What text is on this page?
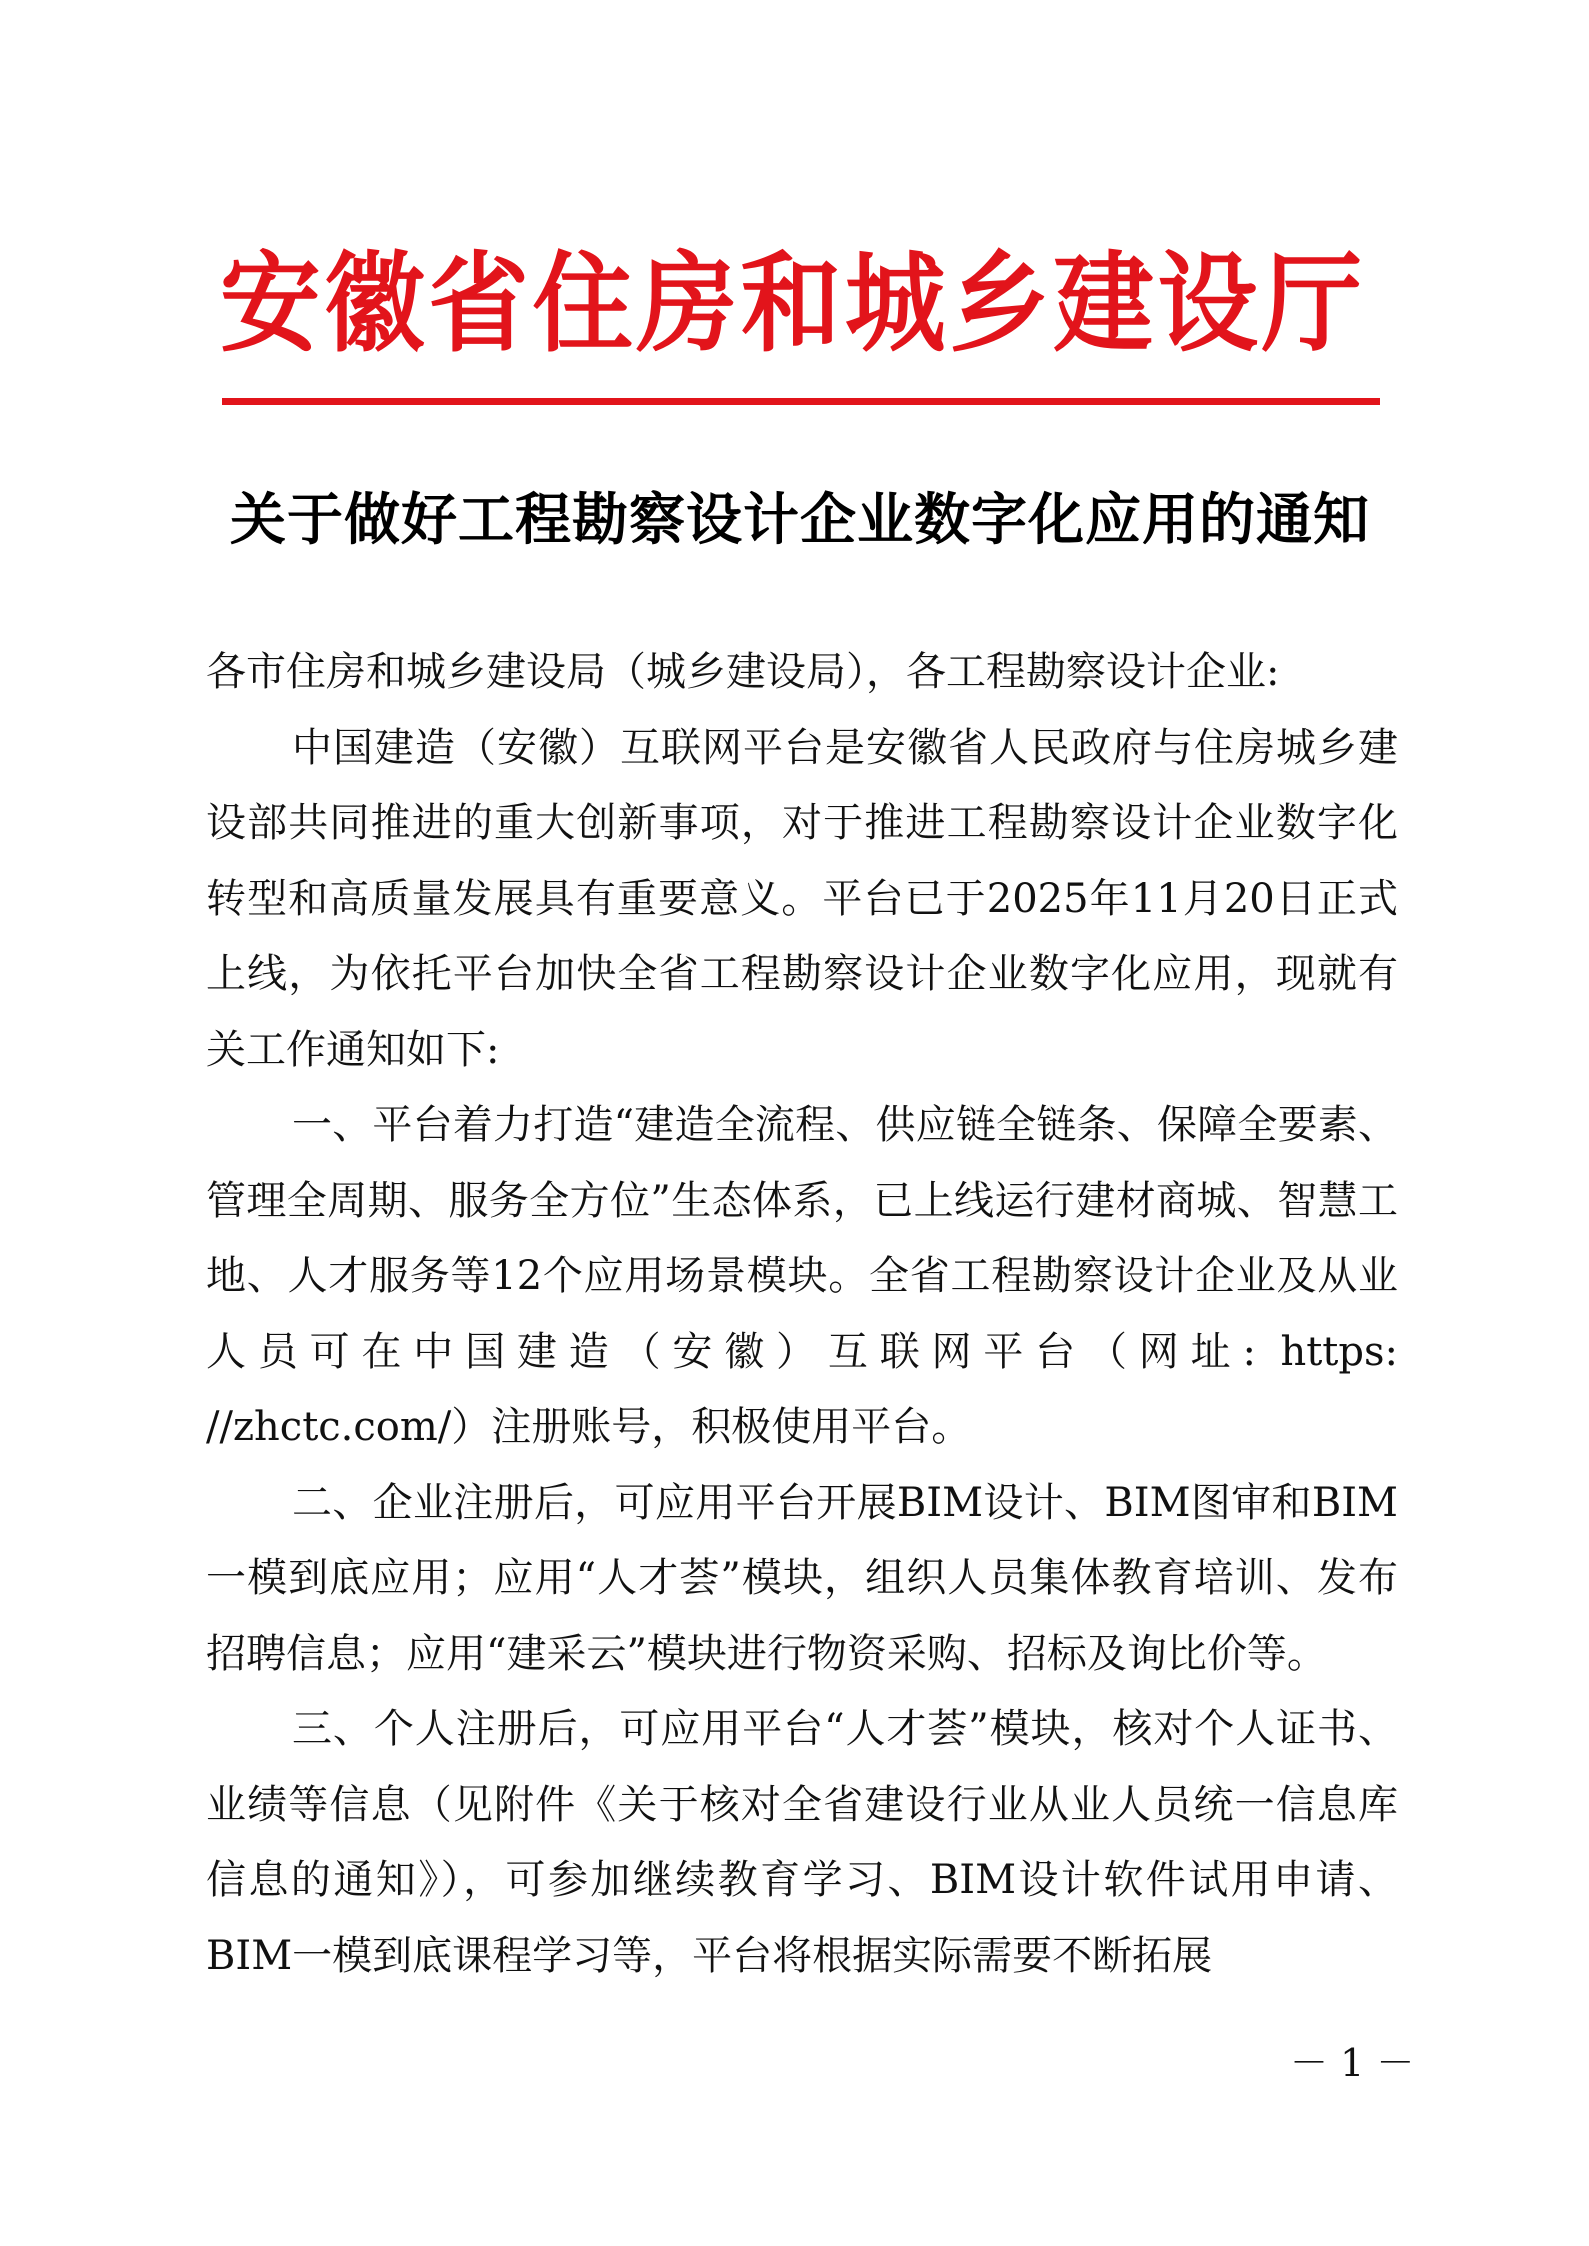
安徽省住房和城乡建设厅
关于做好工程勘察设计企业数字化应用的通知

各市住房和城乡建设局（城乡建设局），各工程勘察设计企业:

中国建造（安徽）互联网平台是安徽省人民政府与住房城乡建设部共同推进的重大创新事项，对于推进工程勘察设计企业数字化转型和高质量发展具有重要意义。平台已于2025年11月20日正式上线，为依托平台加快全省工程勘察设计企业数字化应用，现就有关工作通知如下:

一、平台着力打造“建造全流程、供应链全链条、保障全要素、管理全周期、服务全方位”生态体系，已上线运行建材商城、智慧工地、人才服务等12个应用场景模块。全省工程勘察设计企业及从业人员可在中国建造（安徽）互联网平台（网址: https: //zhctc.com/）注册账号，积极使用平台。

二、企业注册后，可应用平台开展BIM设计、BIM图审和BIM一模到底应用；应用“人才荟”模块，组织人员集体教育培训、发布招聘信息；应用“建采云”模块进行物资采购、招标及询比价等。

三、个人注册后，可应用平台“人才荟”模块，核对个人证书、业绩等信息（见附件《关于核对全省建设行业从业人员统一信息库信息的通知》），可参加继续教育学习、BIM设计软件试用申请、BIM一模到底课程学习等，平台将根据实际需要不断拓展

－ 1 －
